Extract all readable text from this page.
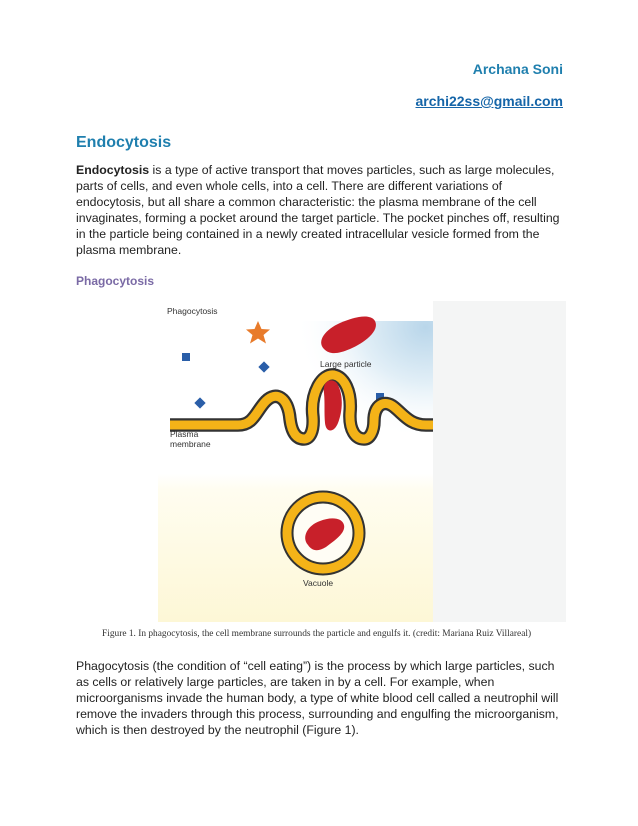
Archana Soni
archi22ss@gmail.com
Endocytosis
Endocytosis is a type of active transport that moves particles, such as large molecules, parts of cells, and even whole cells, into a cell. There are different variations of endocytosis, but all share a common characteristic: the plasma membrane of the cell invaginates, forming a pocket around the target particle. The pocket pinches off, resulting in the particle being contained in a newly created intracellular vesicle formed from the plasma membrane.
Phagocytosis
Phagocytosis
Large particle
Plasma
membrane
Vacuole
Figure 1. In phagocytosis, the cell membrane surrounds the particle and engulfs it. (credit: Mariana Ruiz Villareal)
Phagocytosis (the condition of “cell eating”) is the process by which large particles, such as cells or relatively large particles, are taken in by a cell. For example, when microorganisms invade the human body, a type of white blood cell called a neutrophil will remove the invaders through this process, surrounding and engulfing the microorganism, which is then destroyed by the neutrophil (Figure 1).
